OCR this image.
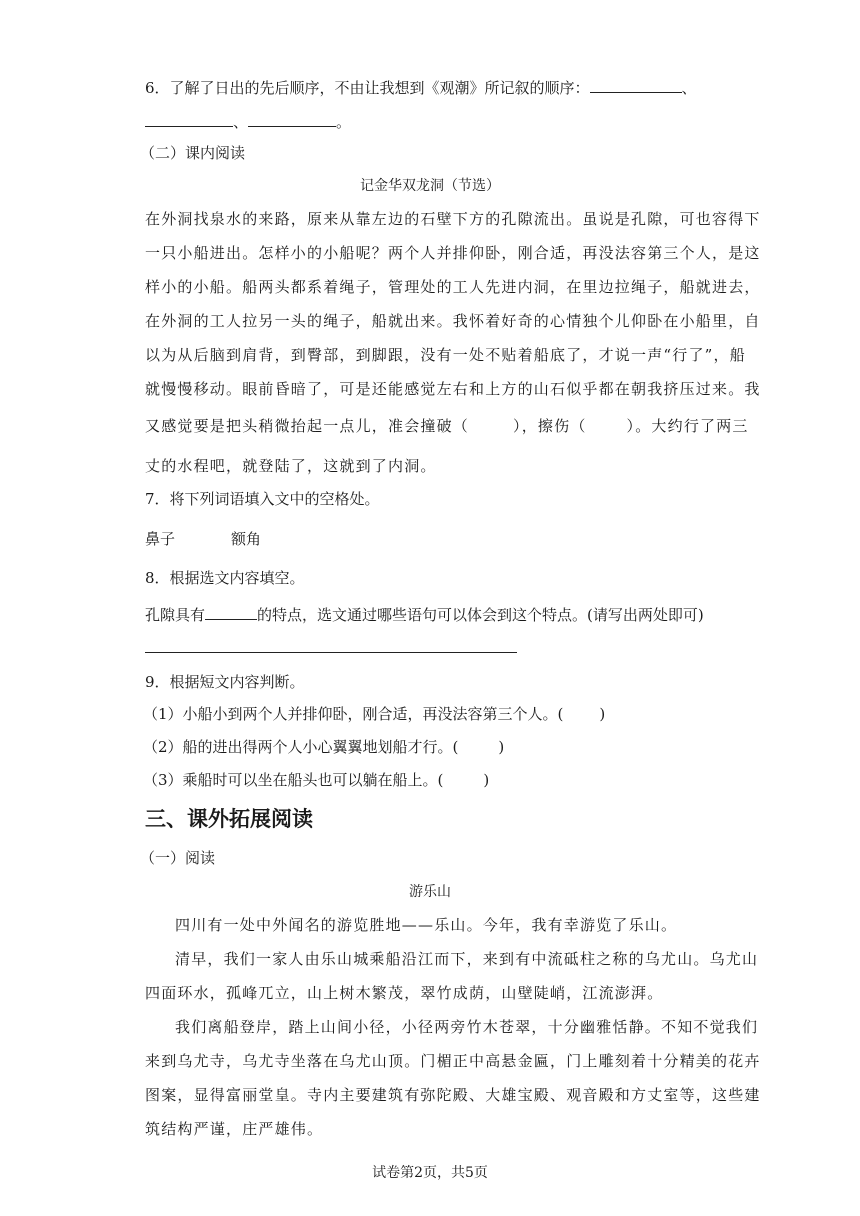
6．了解了日出的先后顺序，不由让我想到《观潮》所记叙的顺序：	、
、	。
（二）课内阅读
记金华双龙洞（节选）
在外洞找泉水的来路，原来从靠左边的石壁下方的孔隙流出。虽说是孔隙，可也容得下
一只小船进出。怎样小的小船呢？两个人并排仰卧，刚合适，再没法容第三个人，是这
样小的小船。船两头都系着绳子，管理处的工人先进内洞，在里边拉绳子，船就进去，
在外洞的工人拉另一头的绳子，船就出来。我怀着好奇的心情独个儿仰卧在小船里，自
以为从后脑到肩背，到臀部，到脚跟，没有一处不贴着船底了，才说一声“行了”，船
就慢慢移动。眼前昏暗了，可是还能感觉左右和上方的山石似乎都在朝我挤压过来。我
又感觉要是把头稍微抬起一点儿，准会撞破（	），擦伤（	）。大约行了两三
丈的水程吧，就登陆了，这就到了内洞。
7．将下列词语填入文中的空格处。
鼻子	额角
8．根据选文内容填空。
孔隙具有	的特点，选文通过哪些语句可以体会到这个特点。(请写出两处即可)
9．根据短文内容判断。
（1）小船小到两个人并排仰卧，刚合适，再没法容第三个人。( )
（2）船的进出得两个人小心翼翼地划船才行。(	)
（3）乘船时可以坐在船头也可以躺在船上。(	)
三、课外拓展阅读
（一）阅读
游乐山
四川有一处中外闻名的游览胜地——乐山。今年，我有幸游览了乐山。
清早，我们一家人由乐山城乘船沿江而下，来到有中流砥柱之称的乌尤山。乌尤山
四面环水，孤峰兀立，山上树木繁茂，翠竹成荫，山壁陡峭，江流澎湃。
我们离船登岸，踏上山间小径，小径两旁竹木苍翠，十分幽雅恬静。不知不觉我们
来到乌尤寺，乌尤寺坐落在乌尤山顶。门楣正中高悬金匾，门上雕刻着十分精美的花卉
图案，显得富丽堂皇。寺内主要建筑有弥陀殿、大雄宝殿、观音殿和方丈室等，这些建
筑结构严谨，庄严雄伟。
试卷第2页，共5页
